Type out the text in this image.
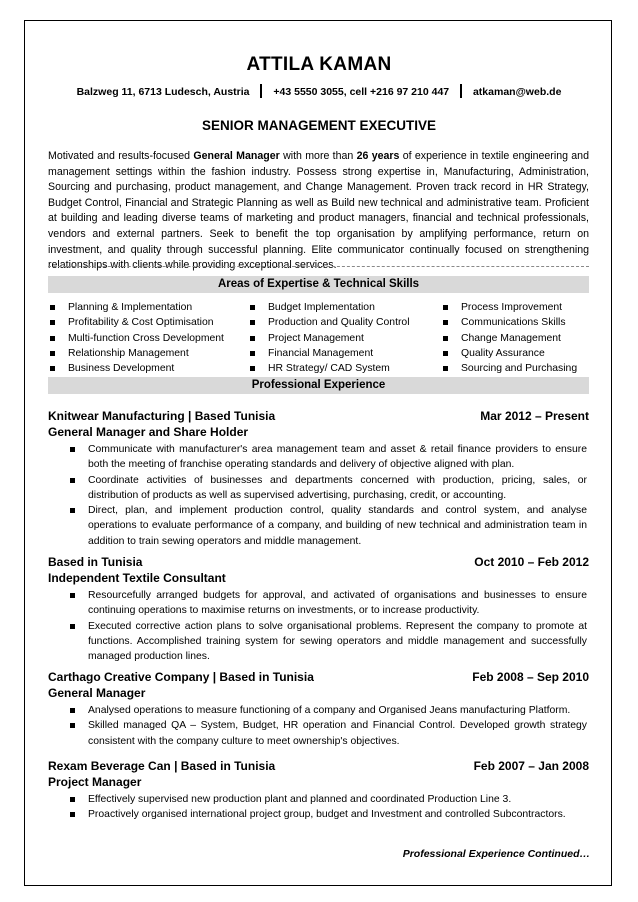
ATTILA KAMAN
Balzweg 11, 6713 Ludesch, Austria +43 5550 3055, cell +216 97 210 447 atkaman@web.de
SENIOR MANAGEMENT EXECUTIVE
Motivated and results-focused General Manager with more than 26 years of experience in textile engineering and management settings within the fashion industry. Possess strong expertise in, Manufacturing, Administration, Sourcing and purchasing, product management, and Change Management. Proven track record in HR Strategy, Budget Control, Financial and Strategic Planning as well as Build new technical and administrative team. Proficient at building and leading diverse teams of marketing and product managers, financial and technical professionals, vendors and external partners. Seek to benefit the top organisation by amplifying performance, return on investment, and quality through successful planning. Elite communicator continually focused on strengthening relationships with clients while providing exceptional services.
Areas of Expertise & Technical Skills
Planning & Implementation
Profitability & Cost Optimisation
Multi-function Cross Development
Relationship Management
Business Development
Budget Implementation
Production and Quality Control
Project Management
Financial Management
HR Strategy/ CAD System
Process Improvement
Communications Skills
Change Management
Quality Assurance
Sourcing and Purchasing
Professional Experience
Knitwear Manufacturing | Based Tunisia	Mar 2012 – Present
General Manager and Share Holder
Communicate with manufacturer's area management team and asset & retail finance providers to ensure both the meeting of franchise operating standards and delivery of objective aligned with plan.
Coordinate activities of businesses and departments concerned with production, pricing, sales, or distribution of products as well as supervised advertising, purchasing, credit, or accounting.
Direct, plan, and implement production control, quality standards and control system, and analyse operations to evaluate performance of a company, and building of new technical and administration team in addition to train sewing operators and middle management.
Based in Tunisia	Oct 2010 – Feb 2012
Independent Textile Consultant
Resourcefully arranged budgets for approval, and activated of organisations and businesses to ensure continuing operations to maximise returns on investments, or to increase productivity.
Executed corrective action plans to solve organisational problems. Represent the company to promote at functions. Accomplished training system for sewing operators and middle management and successfully managed production lines.
Carthago Creative Company | Based in Tunisia	Feb 2008 – Sep 2010
General Manager
Analysed operations to measure functioning of a company and Organised Jeans manufacturing Platform.
Skilled managed QA – System, Budget, HR operation and Financial Control. Developed growth strategy consistent with the company culture to meet ownership's objectives.
Rexam Beverage Can | Based in Tunisia	Feb 2007 – Jan 2008
Project Manager
Effectively supervised new production plant and planned and coordinated Production Line 3.
Proactively organised international project group, budget and Investment and controlled Subcontractors.
Professional Experience Continued…
